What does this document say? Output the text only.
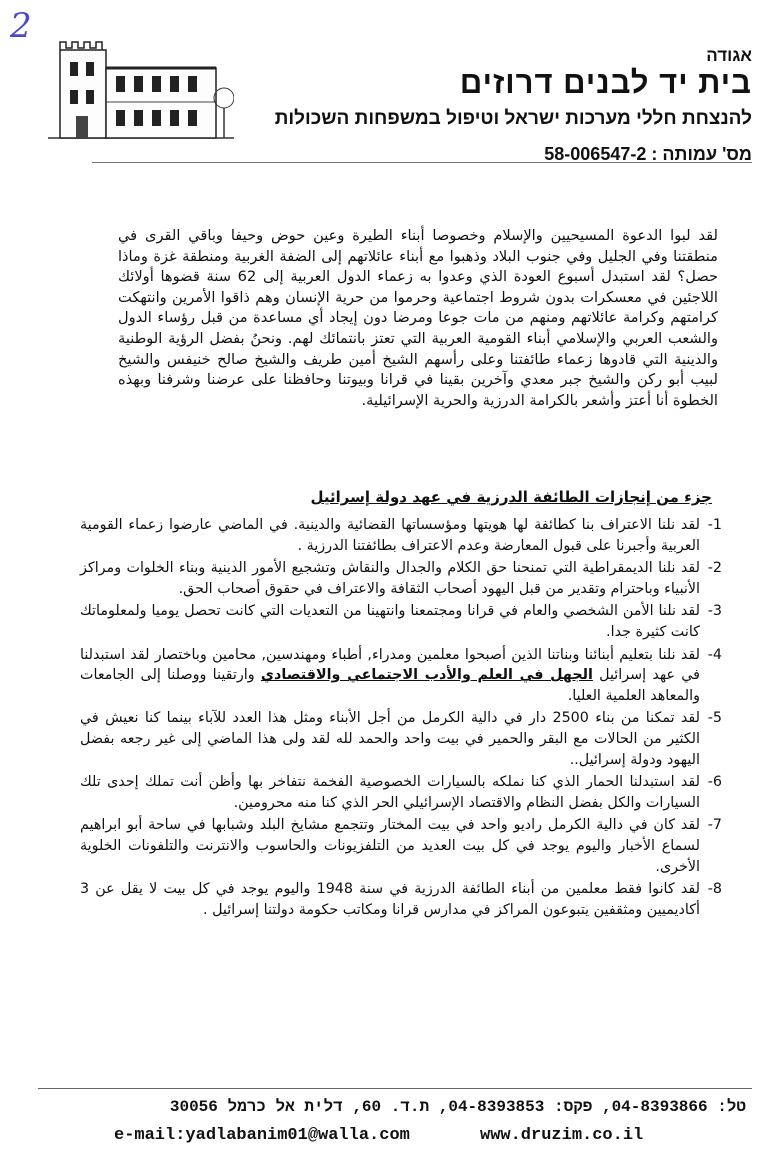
2
אגודה
בית יד לבנים דרוזים
להנצחת חללי מערכות ישראל וטיפול במשפחות השכולות
מס' עמותה : 58-006547-2
لقد لبوا الدعوة المسيحيين والإسلام وخصوصا أبناء الطيرة وعين حوض وحيفا وباقي القرى في منطقتنا وفي الجليل وفي جنوب البلاد وذهبوا مع أبناء عائلاتهم إلى الضفة الغربية ومنطقة غزة وماذا حصل؟ لقد استبدل أسبوع العودة الذي وعدوا به زعماء الدول العربية إلى 62 سنة قضوها أولائك اللاجئين في معسكرات بدون شروط اجتماعية وحرموا من حرية الإنسان وهم ذاقوا الأمرين وانتهكت كرامتهم وكرامة عائلاتهم ومنهم من مات جوعا ومرضا دون إيجاد أي مساعدة من قبل رؤساء الدول والشعب العربي والإسلامي أبناء القومية العربية التي تعتز بانتمائك لهم. ونحنُ بفضل الرؤية الوطنية والدينية التي قادوها زعماء طائفتنا وعلى رأسهم الشيخ أمين طريف والشيخ صالح خنيفس والشيخ لبيب أبو ركن والشيخ جبر معدي وآخرين بقينا في قرانا وبيوتنا وحافظنا على عرضنا وشرفنا وبهذه الخطوة أنا أعتز وأشعر بالكرامة الدرزية والحرية الإسرائيلية.
جزء من إنجازات الطائفة الدرزية في عهد دولة إسرائيل
1-
لقد نلنا الاعتراف بنا كطائفة لها هويتها ومؤسساتها القضائية والدينية. في الماضي عارضوا زعماء القومية العربية وأجبرنا على قبول المعارضة وعدم الاعتراف بطائفتنا الدرزية .
2-
لقد نلنا الديمقراطية التي تمنحنا حق الكلام والجدال والنقاش وتشجيع الأمور الدينية وبناء الخلوات ومراكز الأنبياء وباحترام وتقدير من قبل اليهود أصحاب الثقافة والاعتراف في حقوق أصحاب الحق.
3-
لقد نلنا الأمن الشخصي والعام في قرانا ومجتمعنا وانتهينا من التعديات التي كانت تحصل يوميا ولمعلوماتك كانت كثيرة جدا.
4-
لقد نلنا بتعليم أبنائنا وبناتنا الذين أصبحوا معلمين ومدراء, أطباء ومهندسين, محامين وباختصار لقد استبدلنا في عهد إسرائيل الجهل في العلم والأدب الاجتماعي والاقتصادي وارتقينا ووصلنا إلى الجامعات والمعاهد العلمية العليا.
5-
لقد تمكنا من بناء 2500 دار في دالية الكرمل من أجل الأبناء ومثل هذا العدد للآباء بينما كنا نعيش في الكثير من الحالات مع البقر والحمير في بيت واحد والحمد لله لقد ولى هذا الماضي إلى غير رجعه بفضل اليهود ودولة إسرائيل..
6-
لقد استبدلنا الحمار الذي كنا نملكه بالسيارات الخصوصية الفخمة نتفاخر بها وأظن أنت تملك إحدى تلك السيارات والكل بفضل النظام والاقتصاد الإسرائيلي الحر الذي كنا منه محرومين.
7-
لقد كان في دالية الكرمل راديو واحد في بيت المختار وتتجمع مشايخ البلد وشبابها في ساحة أبو ابراهيم لسماع الأخبار واليوم يوجد في كل بيت العديد من التلفزيونات والحاسوب والانترنت والتلفونات الخلوية الأخرى.
8-
لقد كانوا فقط معلمين من أبناء الطائفة الدرزية في سنة 1948 واليوم يوجد في كل بيت لا يقل عن 3 أكاديميين ومثقفين يتبوعون المراكز في مدارس قرانا ومكاتب حكومة دولتنا إسرائيل .
טל: 04-8393866, פקס: 04-8393853, ת.ד. 60, דלית אל כרמל 30056
e-mail:yadlabanim01@walla.com	www.druzim.co.il
